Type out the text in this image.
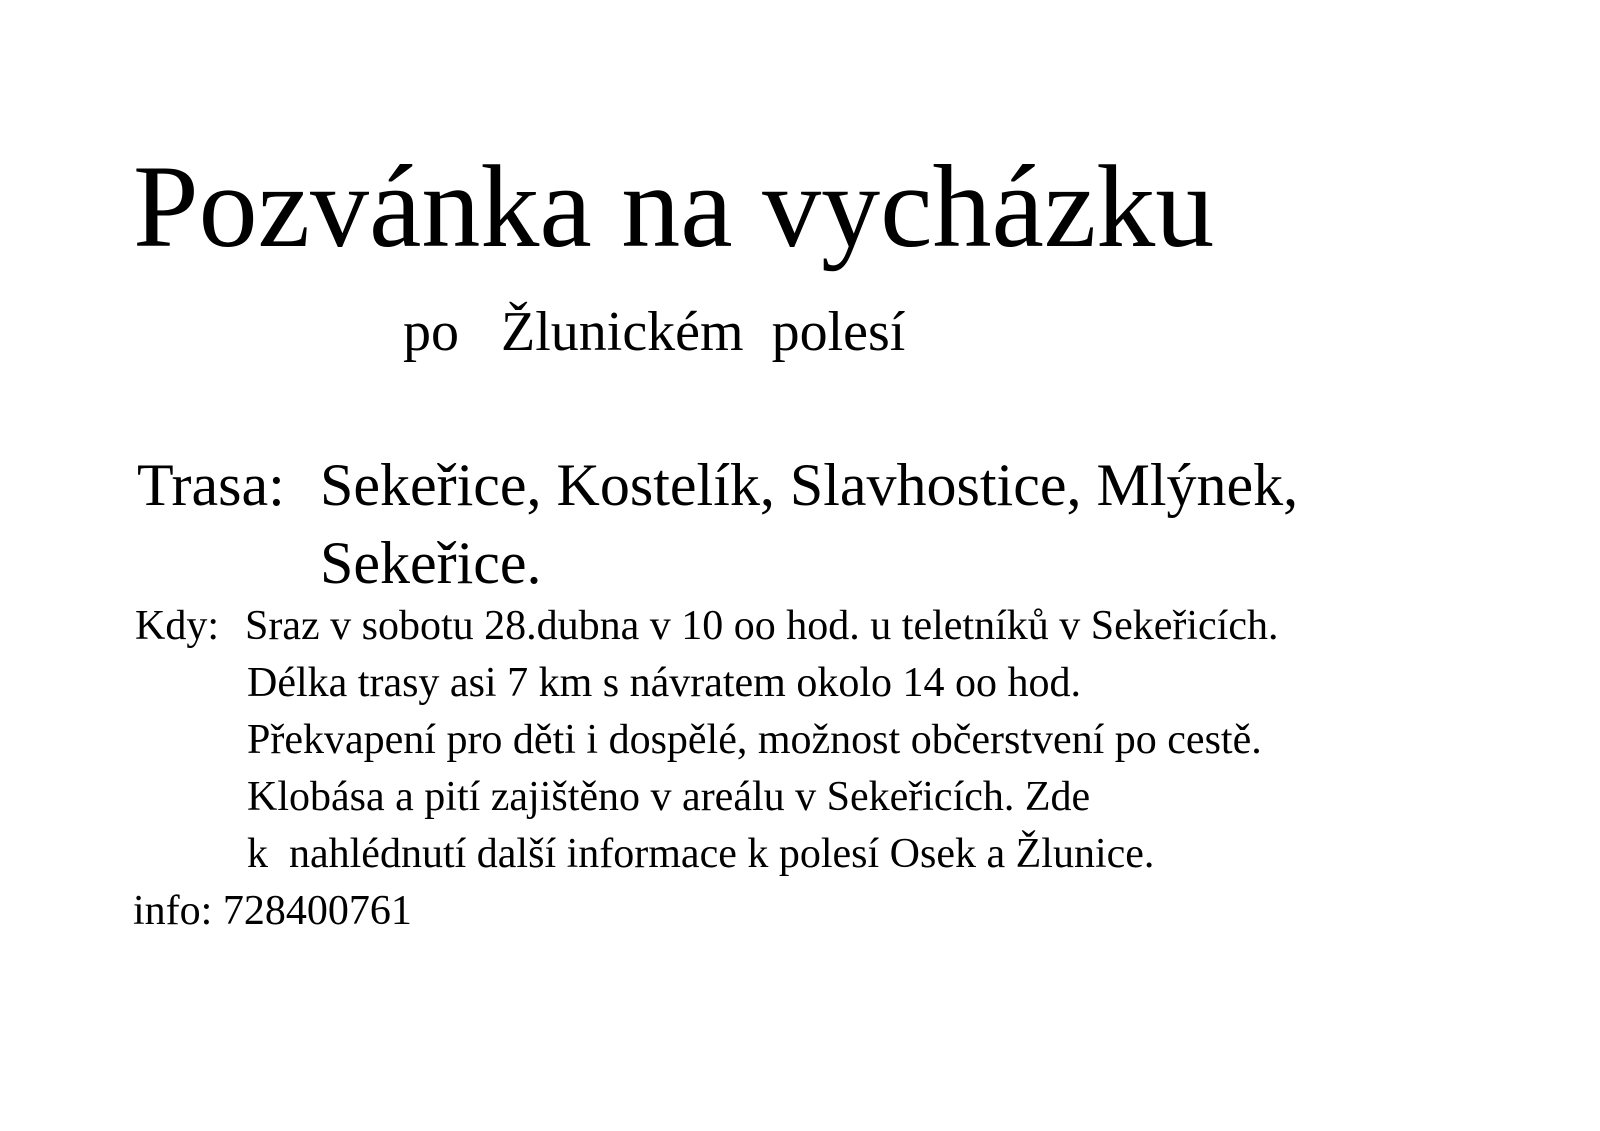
Pozvánka na vycházku
po   Žlunickém  polesí
Trasa: Sekeřice, Kostelík, Slavhostice, Mlýnek,
Sekeřice.
Kdy: Sraz v sobotu 28.dubna v 10 oo hod. u teletníků v Sekeřicích.
Délka trasy asi 7 km s návratem okolo 14 oo hod.
Překvapení pro děti i dospělé, možnost občerstvení po cestě.
Klobása a pití zajištěno v areálu v Sekeřicích. Zde
k  nahlédnutí další informace k polesí Osek a Žlunice.
info: 728400761
